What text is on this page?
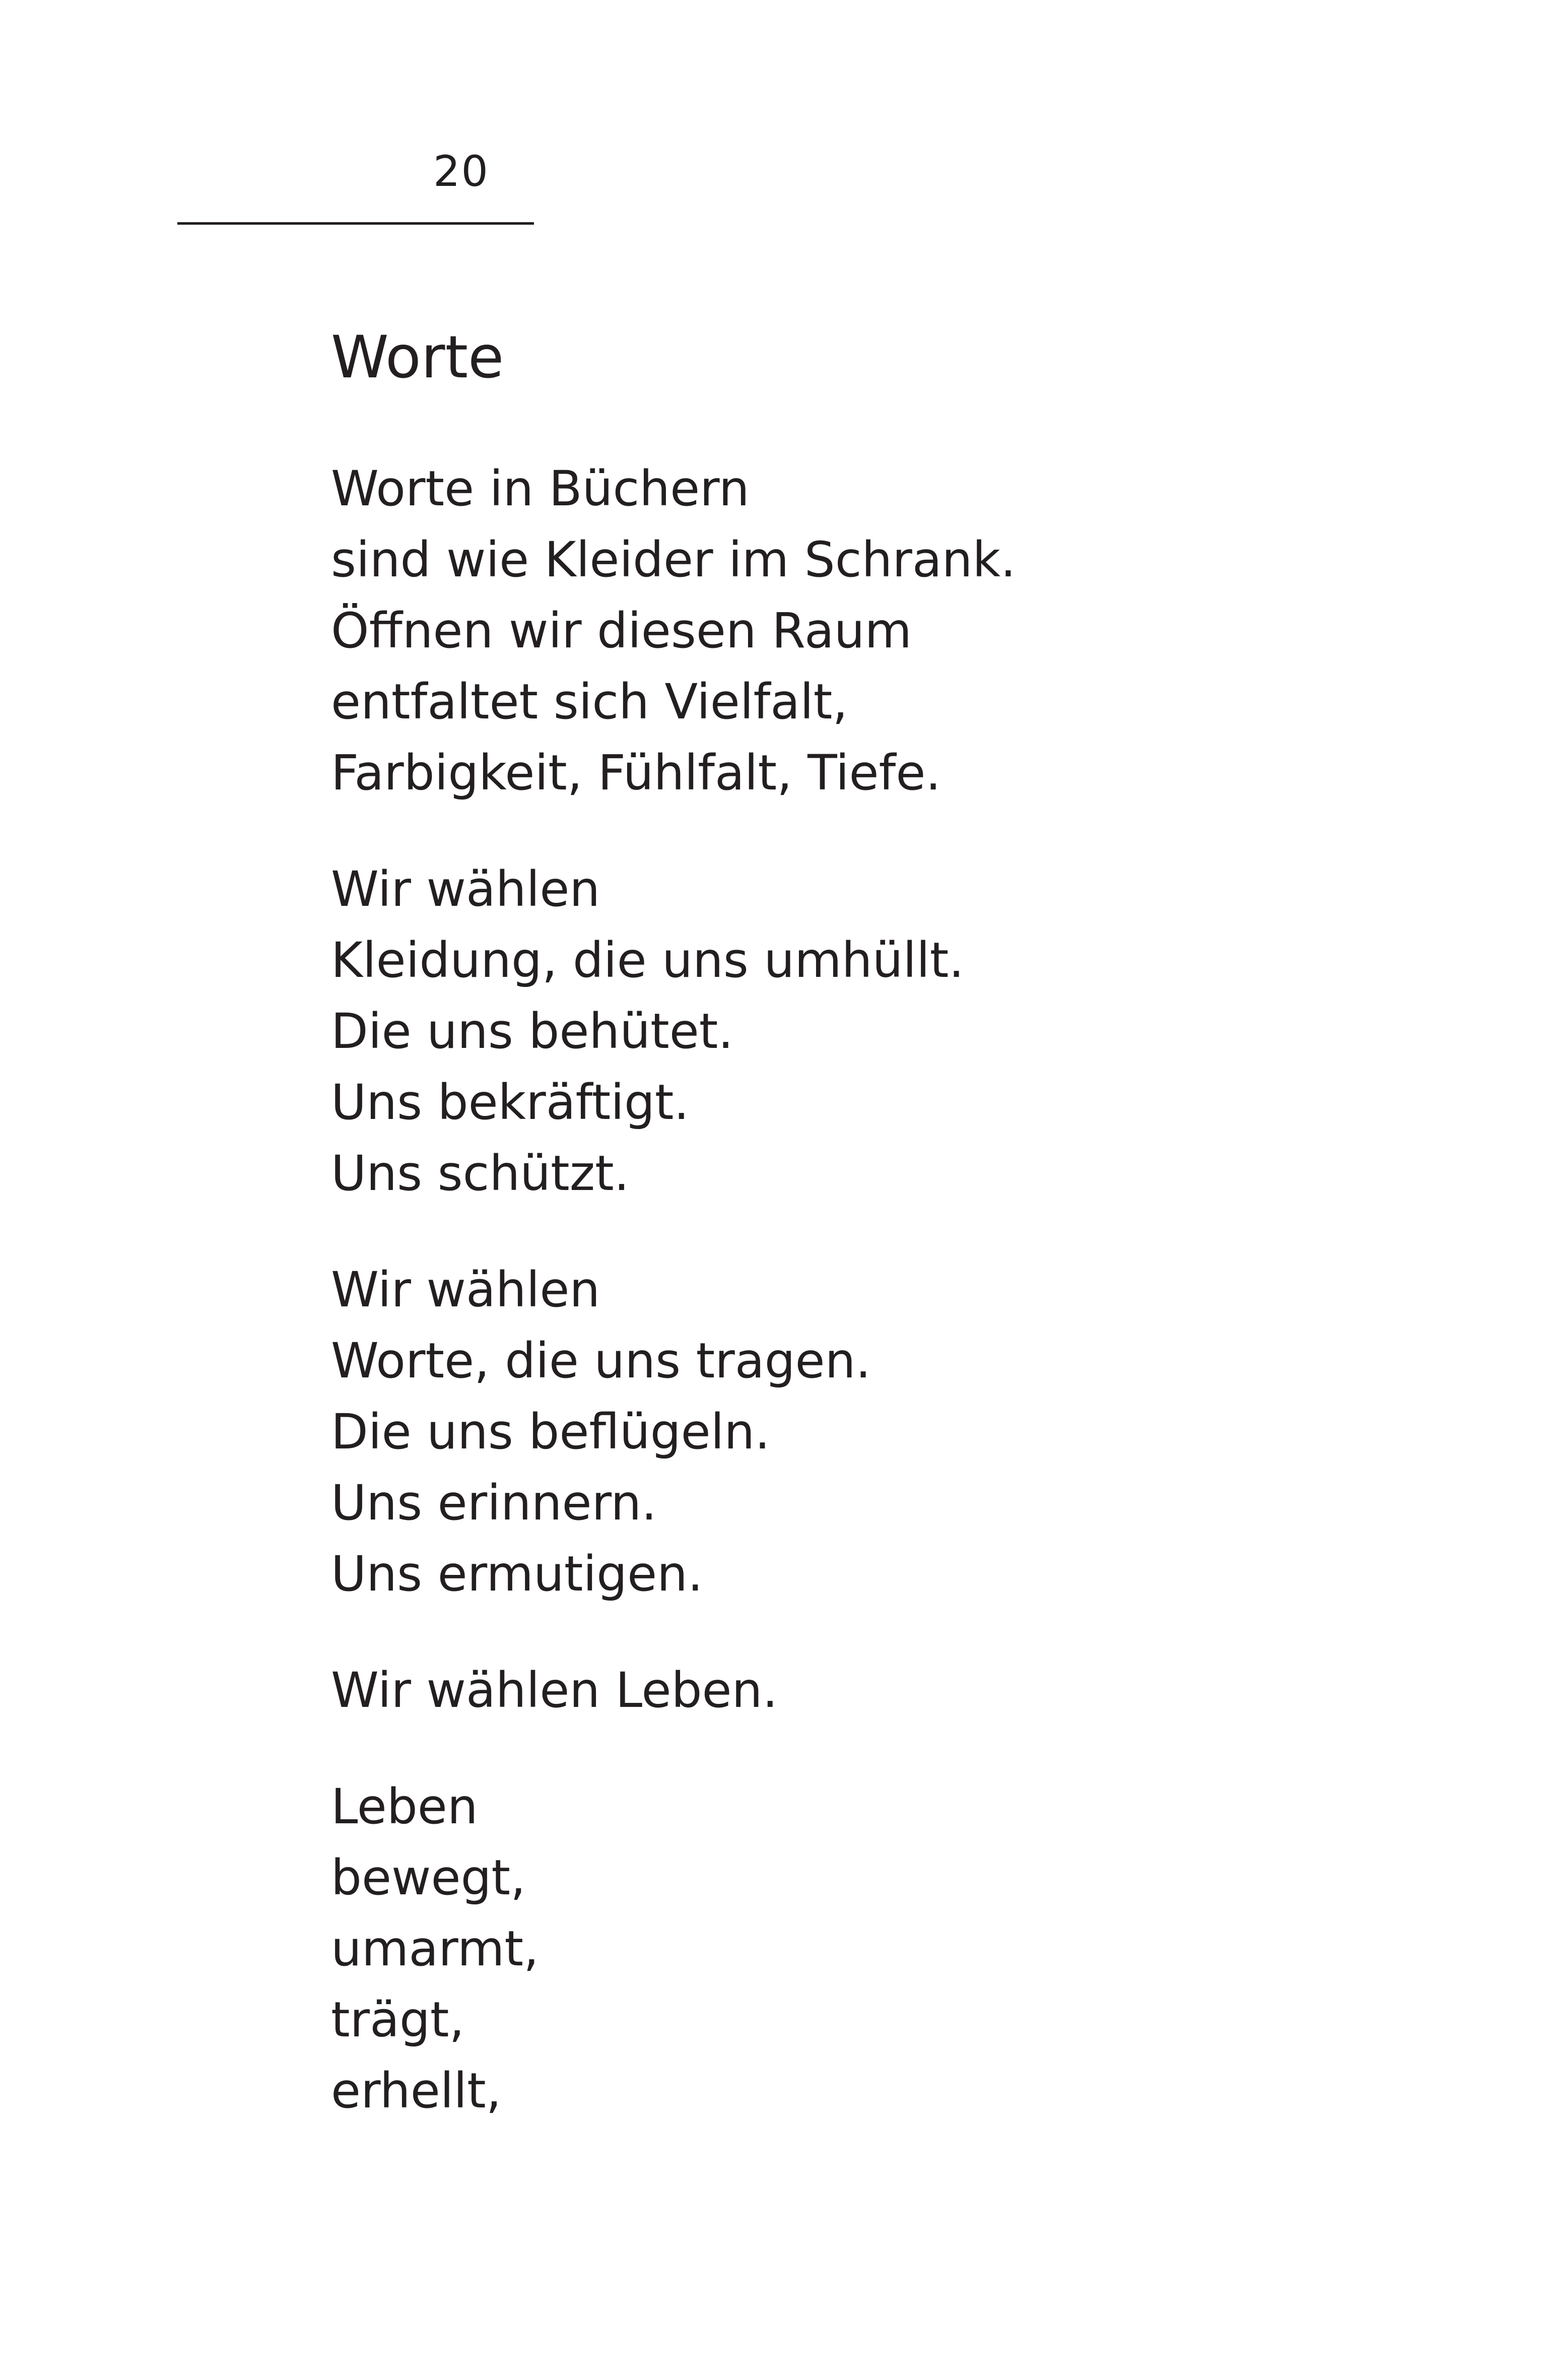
20
Worte
Worte in Büchern
sind wie Kleider im Schrank.
Öffnen wir diesen Raum
entfaltet sich Vielfalt,
Farbigkeit, Fühlfalt, Tiefe.
Wir wählen
Kleidung, die uns umhüllt.
Die uns behütet.
Uns bekräftigt.
Uns schützt.
Wir wählen
Worte, die uns tragen.
Die uns beflügeln.
Uns erinnern.
Uns ermutigen.
Wir wählen Leben.
Leben
bewegt,
umarmt,
trägt,
erhellt,
